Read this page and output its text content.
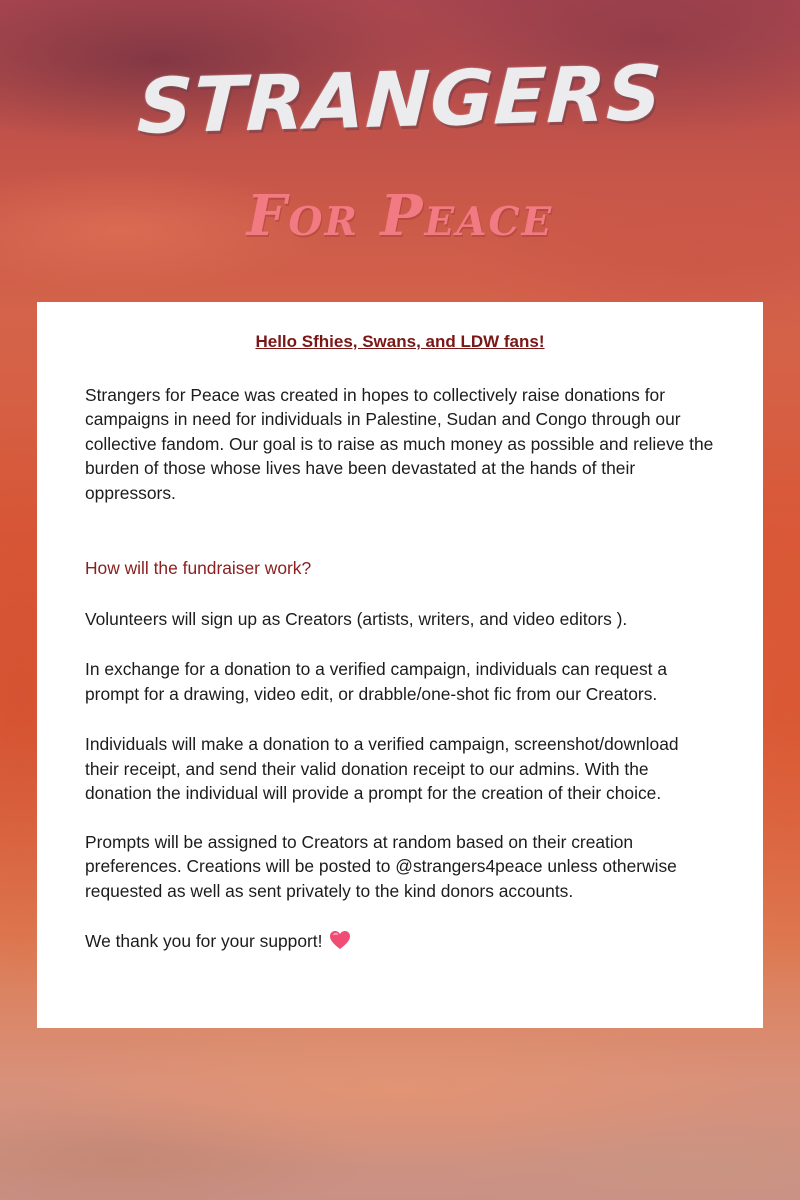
STRANGERS
For Peace

Hello Sfhies, Swans, and LDW fans!

Strangers for Peace was created in hopes to collectively raise donations for campaigns in need for individuals in Palestine, Sudan and Congo through our collective fandom. Our goal is to raise as much money as possible and relieve the burden of those whose lives have been devastated at the hands of their oppressors.

How will the fundraiser work?

Volunteers will sign up as Creators (artists, writers, and video editors ).

In exchange for a donation to a verified campaign, individuals can request a prompt for a drawing, video edit, or drabble/one-shot fic from our Creators.

Individuals will make a donation to a verified campaign, screenshot/download their receipt, and send their valid donation receipt to our admins. With the donation the individual will provide a prompt for the creation of their choice.

Prompts will be assigned to Creators at random based on their creation preferences. Creations will be posted to @strangers4peace unless otherwise requested as well as sent privately to the kind donors accounts.

We thank you for your support!
